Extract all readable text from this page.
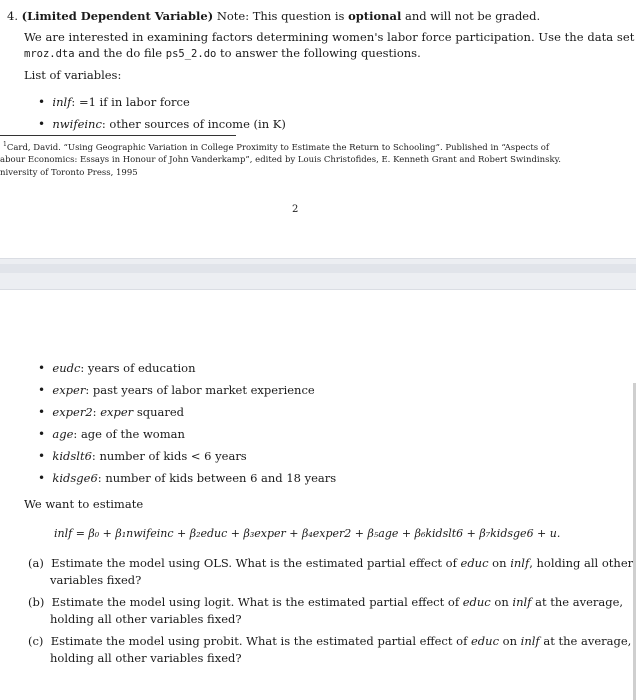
4. (Limited Dependent Variable) Note: This question is optional and will not be graded.
We are interested in examining factors determining women's labor force participation. Use the data set
mroz.dta and the do file ps5_2.do to answer the following questions.
List of variables:
• inlf: =1 if in labor force
• nwifeinc: other sources of income (in K)
$^1$Card, David. “Using Geographic Variation in College Proximity to Estimate the Return to Schooling”. Published in “Aspects of
abour Economics: Essays in Honour of John Vanderkamp”, edited by Louis Christofides, E. Kenneth Grant and Robert Swindinsky.
niversity of Toronto Press, 1995
2
• eudc: years of education
• exper: past years of labor market experience
• exper2: exper squared
• age: age of the woman
• kidslt6: number of kids < 6 years
• kidsge6: number of kids between 6 and 18 years
We want to estimate
inlf = β₀ + β₁nwifeinc + β₂educ + β₃exper + β₄exper2 + β₅age + β₆kidslt6 + β₇kidsge6 + u.
(a) Estimate the model using OLS. What is the estimated partial effect of educ on inlf, holding all other
variables fixed?
(b) Estimate the model using logit. What is the estimated partial effect of educ on inlf at the average,
holding all other variables fixed?
(c) Estimate the model using probit. What is the estimated partial effect of educ on inlf at the average,
holding all other variables fixed?
